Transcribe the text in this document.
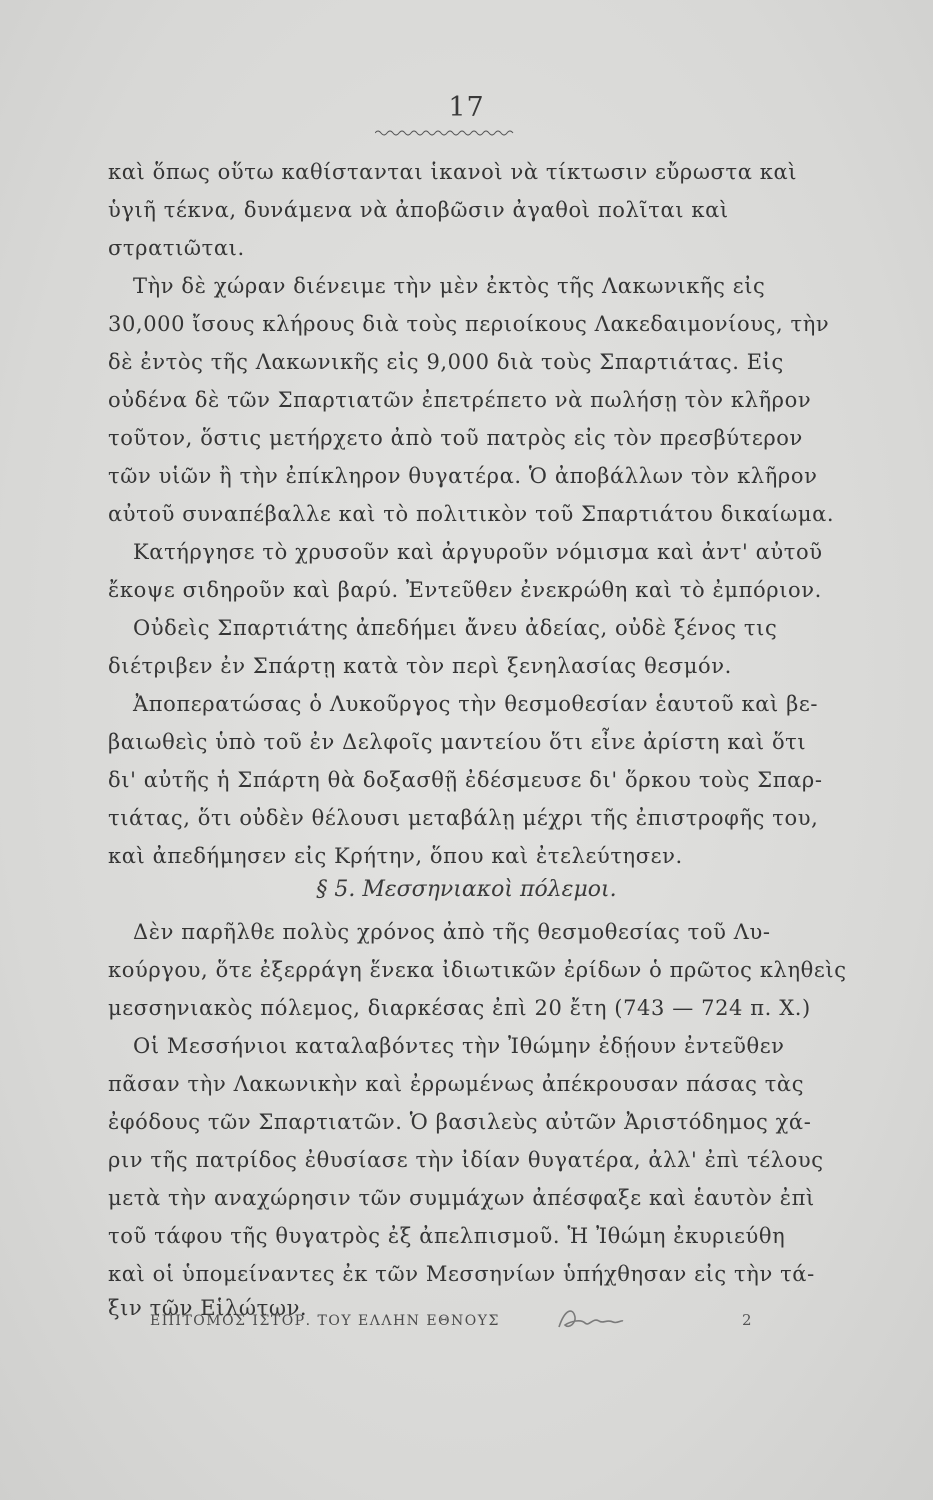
17
καὶ ὅπως οὕτω καθίστανται ἱκανοὶ νὰ τίκτωσιν εὔρωστα καὶ
ὑγιῆ τέκνα, δυνάμενα νὰ ἀποβῶσιν ἀγαθοὶ πολῖται καὶ
στρατιῶται.
Τὴν δὲ χώραν διένειμε τὴν μὲν ἐκτὸς τῆς Λακωνικῆς εἰς
30,000 ἴσους κλήρους διὰ τοὺς περιοίκους Λακεδαιμονίους, τὴν
δὲ ἐντὸς τῆς Λακωνικῆς εἰς 9,000 διὰ τοὺς Σπαρτιάτας. Εἰς
οὐδένα δὲ τῶν Σπαρτιατῶν ἐπετρέπετο νὰ πωλήσῃ τὸν κλῆρον
τοῦτον, ὅστις μετήρχετο ἀπὸ τοῦ πατρὸς εἰς τὸν πρεσβύτερον
τῶν υἱῶν ἢ τὴν ἐπίκληρον θυγατέρα. Ὁ ἀποβάλλων τὸν κλῆρον
αὐτοῦ συναπέβαλλε καὶ τὸ πολιτικὸν τοῦ Σπαρτιάτου δικαίωμα.
Κατήργησε τὸ χρυσοῦν καὶ ἀργυροῦν νόμισμα καὶ ἀντ' αὐτοῦ
ἔκοψε σιδηροῦν καὶ βαρύ. Ἐντεῦθεν ἐνεκρώθη καὶ τὸ ἐμπόριον.
Οὐδεὶς Σπαρτιάτης ἀπεδήμει ἄνευ ἀδείας, οὐδὲ ξένος τις
διέτριβεν ἐν Σπάρτῃ κατὰ τὸν περὶ ξενηλασίας θεσμόν.
Ἀποπερατώσας ὁ Λυκοῦργος τὴν θεσμοθεσίαν ἑαυτοῦ καὶ βε-
βαιωθεὶς ὑπὸ τοῦ ἐν Δελφοῖς μαντείου ὅτι εἶνε ἀρίστη καὶ ὅτι
δι' αὐτῆς ἡ Σπάρτη θὰ δοξασθῇ ἐδέσμευσε δι' ὅρκου τοὺς Σπαρ-
τιάτας, ὅτι οὐδὲν θέλουσι μεταβάλῃ μέχρι τῆς ἐπιστροφῆς του,
καὶ ἀπεδήμησεν εἰς Κρήτην, ὅπου καὶ ἐτελεύτησεν.
§ 5. Μεσσηνιακοὶ πόλεμοι.
Δὲν παρῆλθε πολὺς χρόνος ἀπὸ τῆς θεσμοθεσίας τοῦ Λυ-
κούργου, ὅτε ἐξερράγη ἕνεκα ἰδιωτικῶν ἐρίδων ὁ πρῶτος κληθεὶς
μεσσηνιακὸς πόλεμος, διαρκέσας ἐπὶ 20 ἔτη (743 — 724 π. Χ.)
Οἱ Μεσσήνιοι καταλαβόντες τὴν Ἰθώμην ἐδῄουν ἐντεῦθεν
πᾶσαν τὴν Λακωνικὴν καὶ ἐρρωμένως ἀπέκρουσαν πάσας τὰς
ἐφόδους τῶν Σπαρτιατῶν. Ὁ βασιλεὺς αὐτῶν Ἀριστόδημος χά-
ριν τῆς πατρίδος ἐθυσίασε τὴν ἰδίαν θυγατέρα, ἀλλ' ἐπὶ τέλους
μετὰ τὴν αναχώρησιν τῶν συμμάχων ἀπέσφαξε καὶ ἑαυτὸν ἐπὶ
τοῦ τάφου τῆς θυγατρὸς ἐξ ἀπελπισμοῦ. Ἡ Ἰθώμη ἐκυριεύθη
καὶ οἱ ὑπομείναντες ἐκ τῶν Μεσσηνίων ὑπήχθησαν εἰς τὴν τά-
ξιν τῶν Εἱλώτων.
ΕΠΙΤΟΜΟΣ ΙΣΤΟΡ. ΤΟΥ ΕΛΛΗΝ ΕΘΝΟΥΣ	2
